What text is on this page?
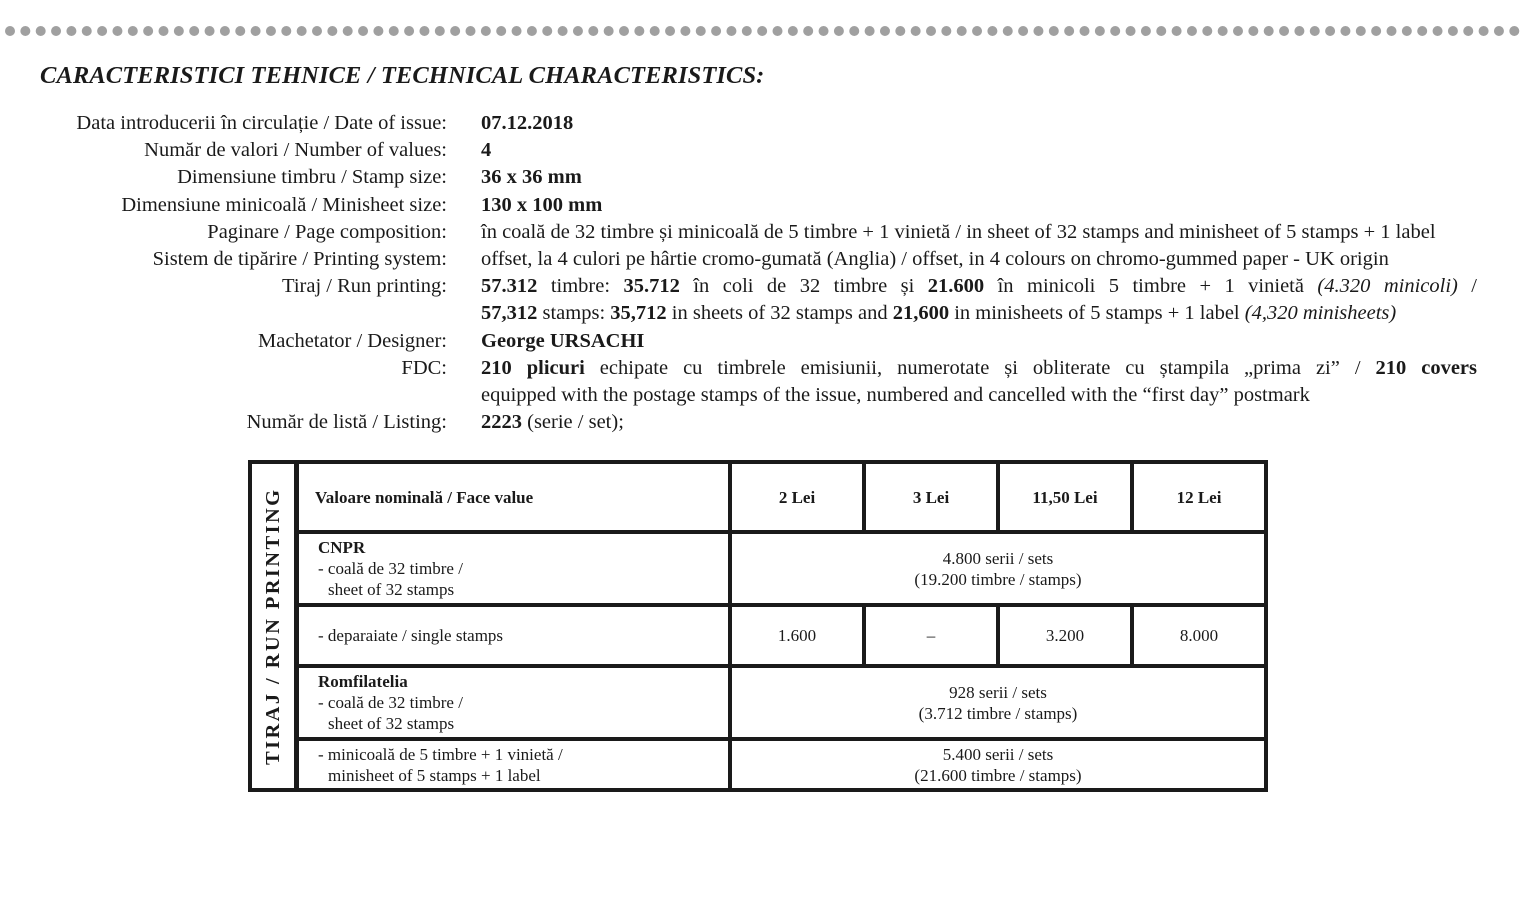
CARACTERISTICI TEHNICE / TECHNICAL CHARACTERISTICS:
Data introducerii în circulație / Date of issue: 07.12.2018
Număr de valori / Number of values: 4
Dimensiune timbru / Stamp size: 36 x 36 mm
Dimensiune minicoală / Minisheet size: 130 x 100 mm
Paginare / Page composition: în coală de 32 timbre și minicoală de 5 timbre + 1 vinietă / in sheet of 32 stamps and minisheet of 5 stamps + 1 label
Sistem de tipărire / Printing system: offset, la 4 culori pe hârtie cromo-gumată (Anglia) / offset, in 4 colours on chromo-gummed paper - UK origin
Tiraj / Run printing: 57.312 timbre: 35.712 în coli de 32 timbre și 21.600 în minicoli 5 timbre + 1 vinietă (4.320 minicoli) /
57,312 stamps: 35,712 in sheets of 32 stamps and 21,600 in minisheets of 5 stamps + 1 label (4,320 minisheets)
Machetator / Designer: George URSACHI
FDC: 210 plicuri echipate cu timbrele emisiunii, numerotate și obliterate cu ștampila „prima zi” / 210 covers
equipped with the postage stamps of the issue, numbered and cancelled with the “first day” postmark
Număr de listă / Listing: 2223 (serie / set);
TIRAJ / RUN PRINTING	Valoare nominală / Face value	2 Lei	3 Lei	11,50 Lei	12 Lei

	CNPR
- coală de 32 timbre /
sheet of 32 stamps	4.800 serii / sets
(19.200 timbre / stamps)			

	- deparaiate / single stamps	1.600	–	3.200	8.000

	Romfilatelia
- coală de 32 timbre /
sheet of 32 stamps	928 serii / sets
(3.712 timbre / stamps)			

	- minicoală de 5 timbre + 1 vinietă /
minisheet of 5 stamps + 1 label	5.400 serii / sets
(21.600 timbre / stamps)			
